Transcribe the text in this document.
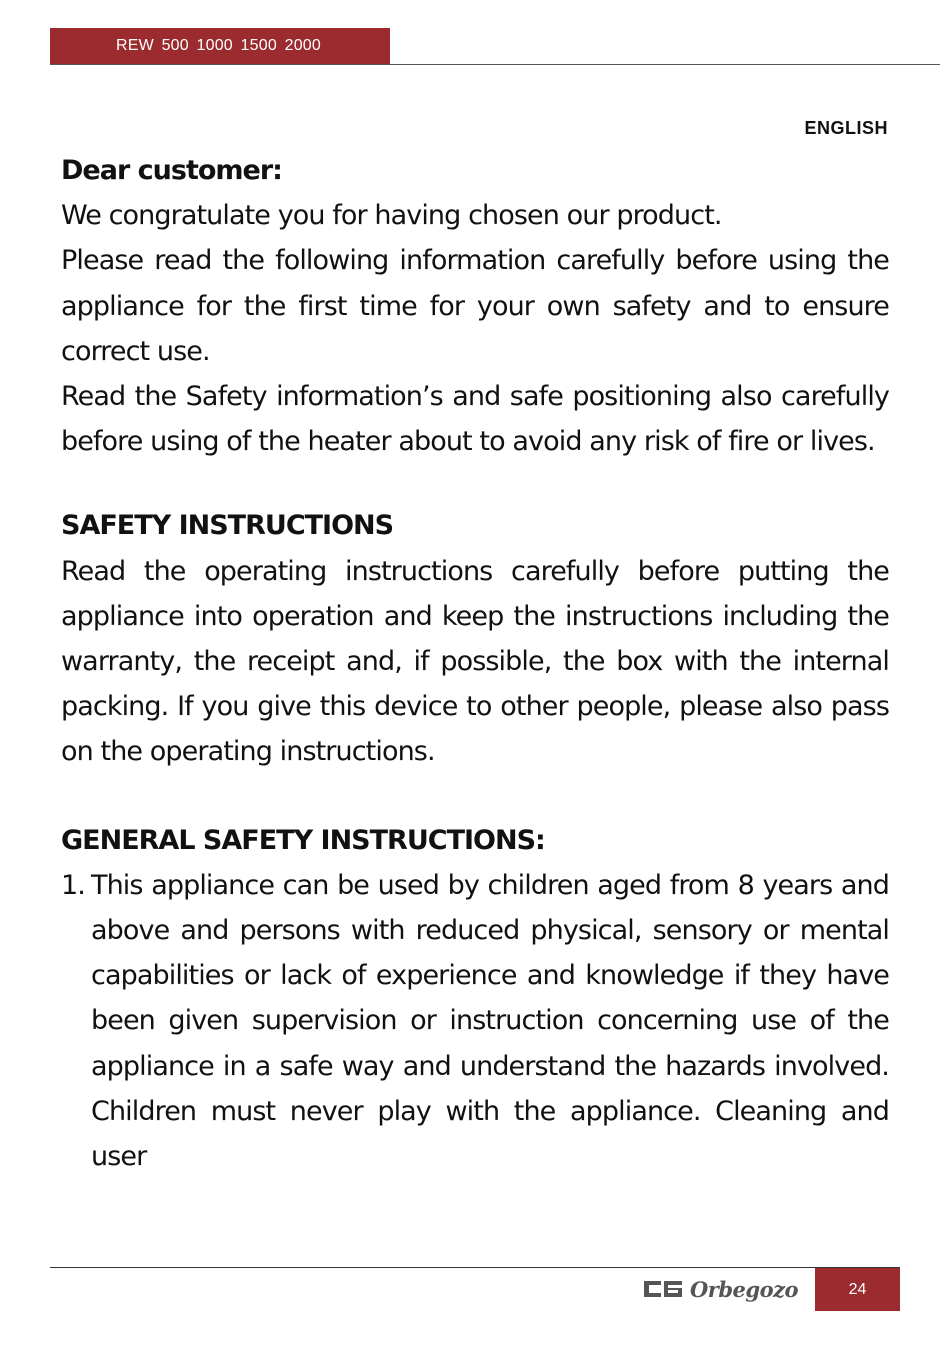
REW 500 1000 1500 2000
ENGLISH

Dear customer:

We congratulate you for having chosen our product.

Please read the following information carefully before using the appliance for the first time for your own safety and to ensure correct use.

Read the Safety information’s and safe positioning also carefully before using of the heater about to avoid any risk of fire or lives.

SAFETY INSTRUCTIONS

Read the operating instructions carefully before putting the appliance into operation and keep the instructions including the warranty, the receipt and, if possible, the box with the internal packing. If you give this device to other people, please also pass on the operating instructions.

GENERAL SAFETY INSTRUCTIONS:

1. This appliance can be used by children aged from 8 years and above and persons with reduced physical, sensory or mental capabilities or lack of experience and knowledge if they have been given supervision or instruction concerning use of the appliance in a safe way and understand the hazards involved. Children must never play with the appliance. Cleaning and user
Orbegozo	24
